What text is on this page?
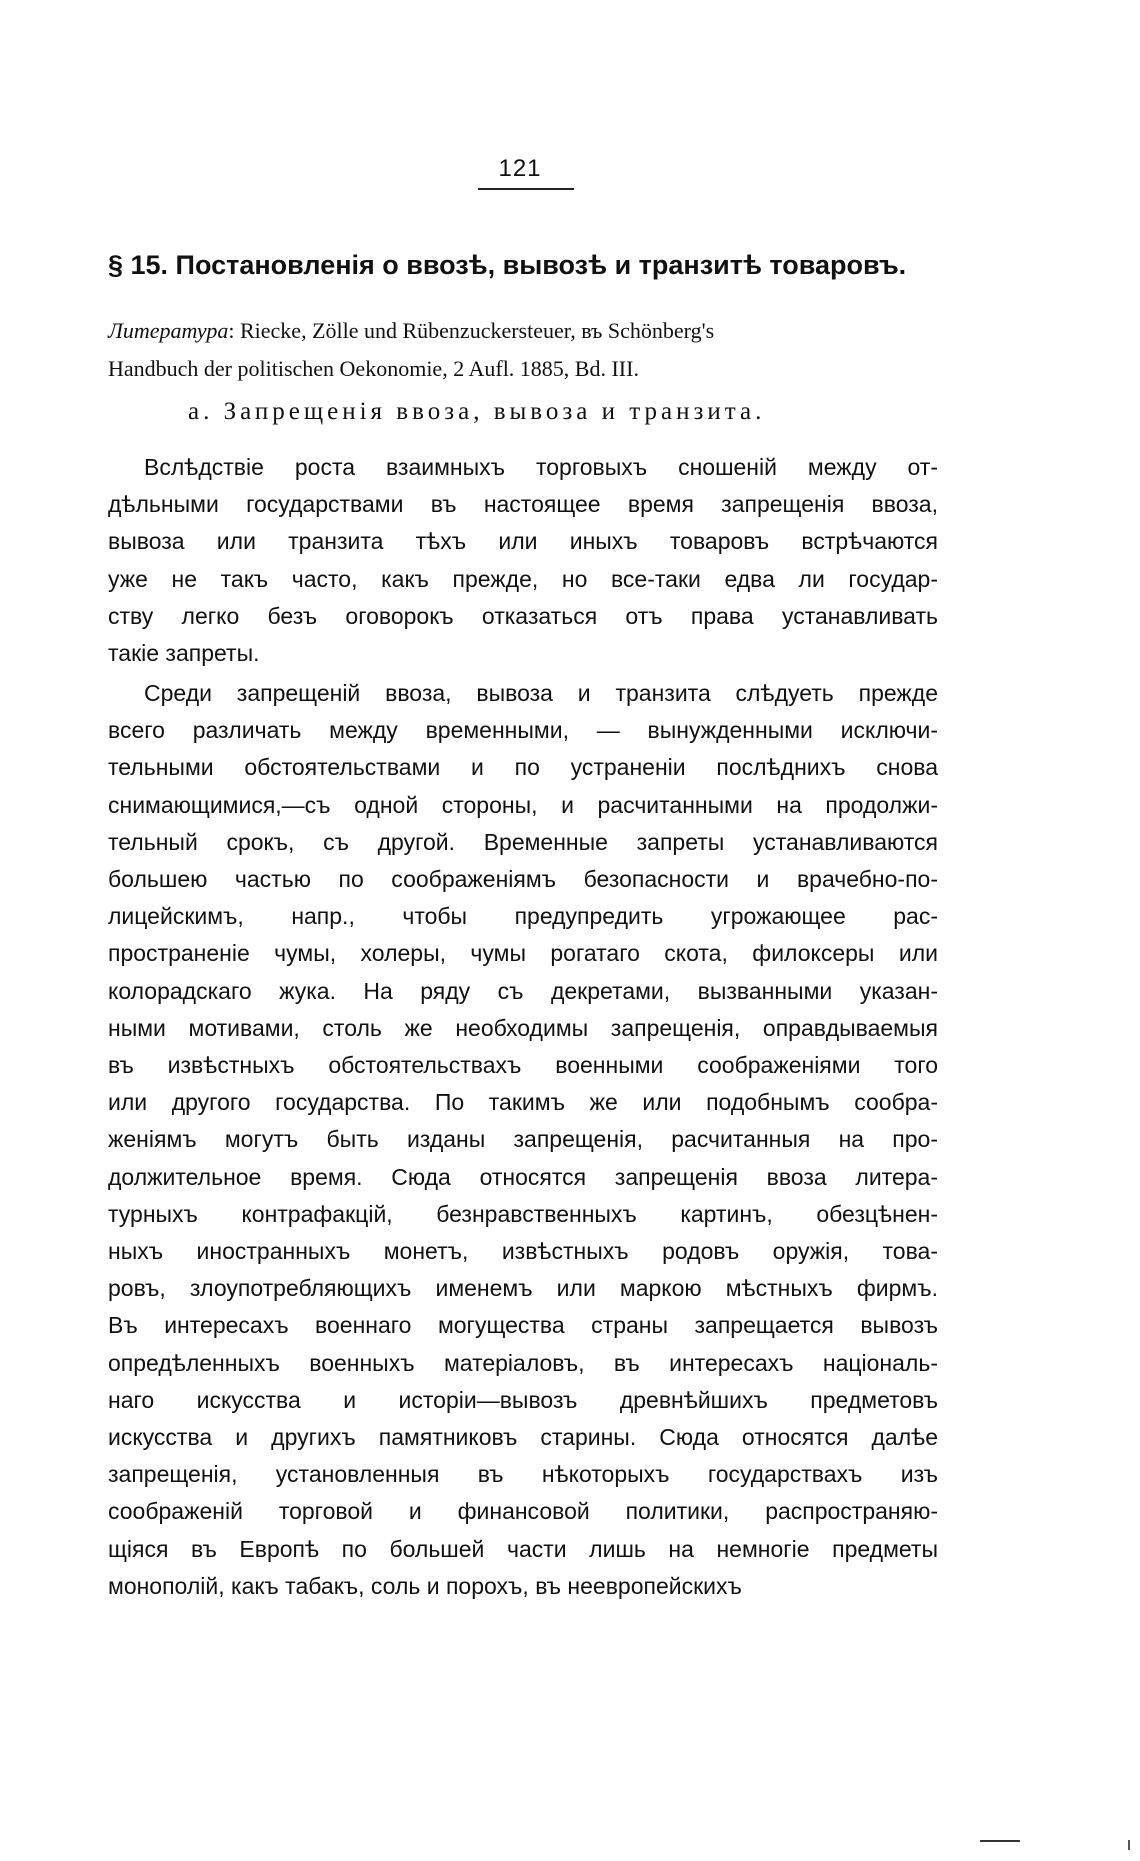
121
§ 15. Постановленія о ввозѣ, вывозѣ и транзитѣ товаровъ.
Литература: Riecke, Zölle und Rübenzuckersteuer, въ Schönberg's
Handbuch der politischen Oekonomie, 2 Aufl. 1885, Bd. III.
а. Запрещенія ввоза, вывоза и транзита.
Вслѣдствіе роста взаимныхъ торговыхъ сношеній между от-
дѣльными государствами въ настоящее время запрещенія ввоза,
вывоза или транзита тѣхъ или иныхъ товаровъ встрѣчаются
уже не такъ часто, какъ прежде, но все-таки едва ли государ-
ству легко безъ оговорокъ отказаться отъ права устанавливать
такіе запреты.
Среди запрещеній ввоза, вывоза и транзита слѣдуеть прежде
всего различать между временными, — вынужденными исключи-
тельными обстоятельствами и по устраненіи послѣднихъ снова
снимающимися,—съ одной стороны, и расчитанными на продолжи-
тельный срокъ, съ другой. Временные запреты устанавливаются
большею частью по соображеніямъ безопасности и врачебно-по-
лицейскимъ, напр., чтобы предупредить угрожающее рас-
пространеніе чумы, холеры, чумы рогатаго скота, филоксеры или
колорадскаго жука. На ряду съ декретами, вызванными указан-
ными мотивами, столь же необходимы запрещенія, оправдываемыя
въ извѣстныхъ обстоятельствахъ военными соображеніями того
или другого государства. По такимъ же или подобнымъ сообра-
женіямъ могутъ быть изданы запрещенія, расчитанныя на про-
должительное время. Сюда относятся запрещенія ввоза литера-
турныхъ контрафакцій, безнравственныхъ картинъ, обезцѣнен-
ныхъ иностранныхъ монетъ, извѣстныхъ родовъ оружія, това-
ровъ, злоупотребляющихъ именемъ или маркою мѣстныхъ фирмъ.
Въ интересахъ военнаго могущества страны запрещается вывозъ
опредѣленныхъ военныхъ матеріаловъ, въ интересахъ національ-
наго искусства и исторіи—вывозъ древнѣйшихъ предметовъ
искусства и другихъ памятниковъ старины. Сюда относятся далѣе
запрещенія, установленныя въ нѣкоторыхъ государствахъ изъ
соображеній торговой и финансовой политики, распространяю-
щіяся въ Европѣ по большей части лишь на немногіе предметы
монополій, какъ табакъ, соль и порохъ, въ неевропейскихъ
